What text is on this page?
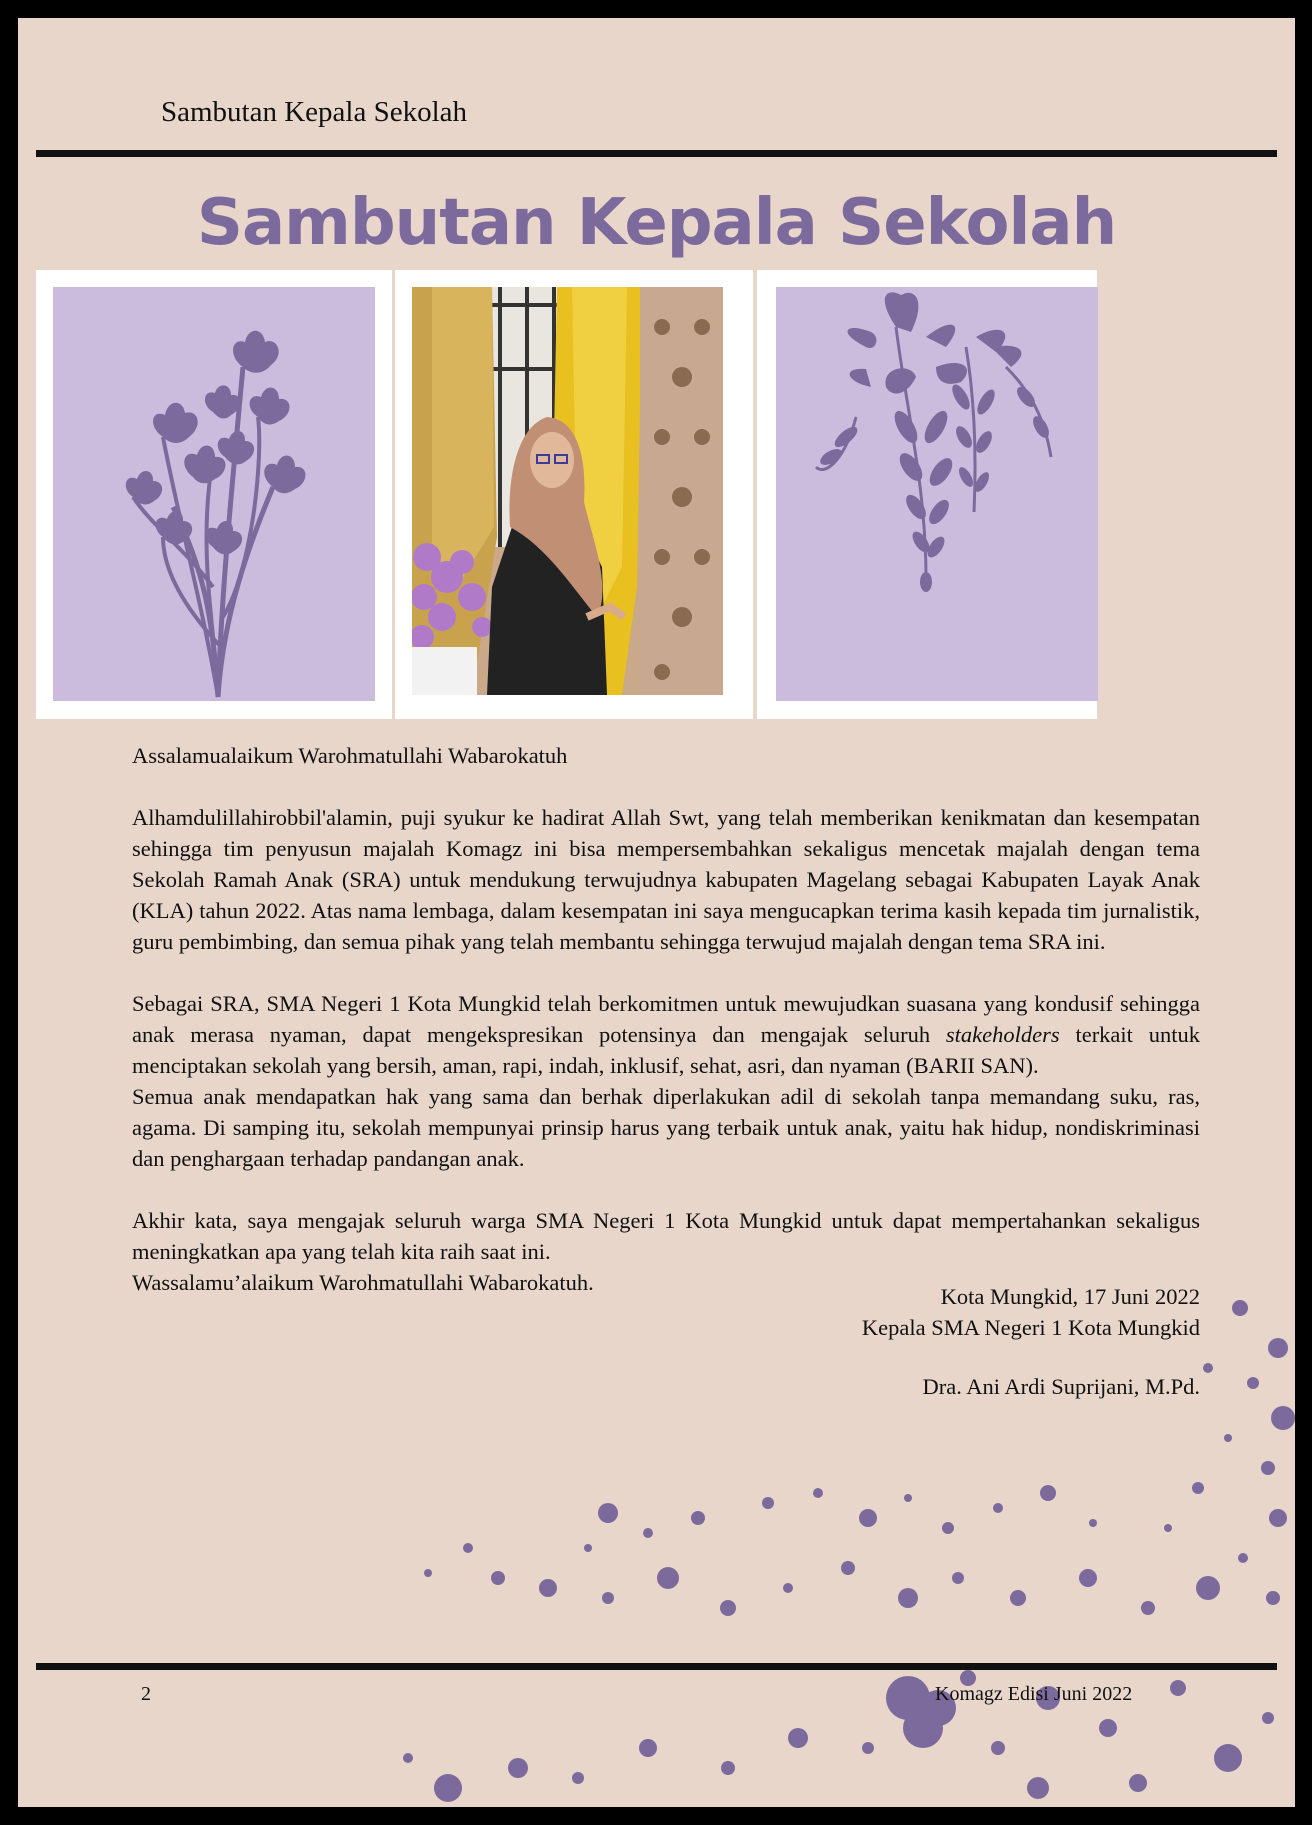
Sambutan Kepala Sekolah
Sambutan Kepala Sekolah

Assalamualaikum Warohmatullahi Wabarokatuh

Alhamdulillahirobbil'alamin, puji syukur ke hadirat Allah Swt, yang telah memberikan kenikmatan dan kesempatan sehingga tim penyusun majalah Komagz ini bisa mempersembahkan sekaligus mencetak majalah dengan tema Sekolah Ramah Anak (SRA) untuk mendukung terwujudnya kabupaten Magelang sebagai Kabupaten Layak Anak (KLA) tahun 2022. Atas nama lembaga, dalam kesempatan ini saya mengucapkan terima kasih kepada tim jurnalistik, guru pembimbing, dan semua pihak yang telah membantu sehingga terwujud majalah dengan tema SRA ini.

Sebagai SRA, SMA Negeri 1 Kota Mungkid telah berkomitmen untuk mewujudkan suasana yang kondusif sehingga anak merasa nyaman, dapat mengekspresikan potensinya dan mengajak seluruh stakeholders terkait untuk menciptakan sekolah yang bersih, aman, rapi, indah, inklusif, sehat, asri, dan nyaman (BARII SAN).

Semua anak mendapatkan hak yang sama dan berhak diperlakukan adil di sekolah tanpa memandang suku, ras, agama. Di samping itu, sekolah mempunyai prinsip harus yang terbaik untuk anak, yaitu hak hidup, nondiskriminasi dan penghargaan terhadap pandangan anak.

Akhir kata, saya mengajak seluruh warga SMA Negeri 1 Kota Mungkid untuk dapat mempertahankan sekaligus meningkatkan apa yang telah kita raih saat ini.

Wassalamu’alaikum Warohmatullahi Wabarokatuh.

Kota Mungkid, 17 Juni 2022
Kepala SMA Negeri 1 Kota Mungkid
Dra. Ani Ardi Suprijani, M.Pd.
2	Komagz Edisi Juni 2022
